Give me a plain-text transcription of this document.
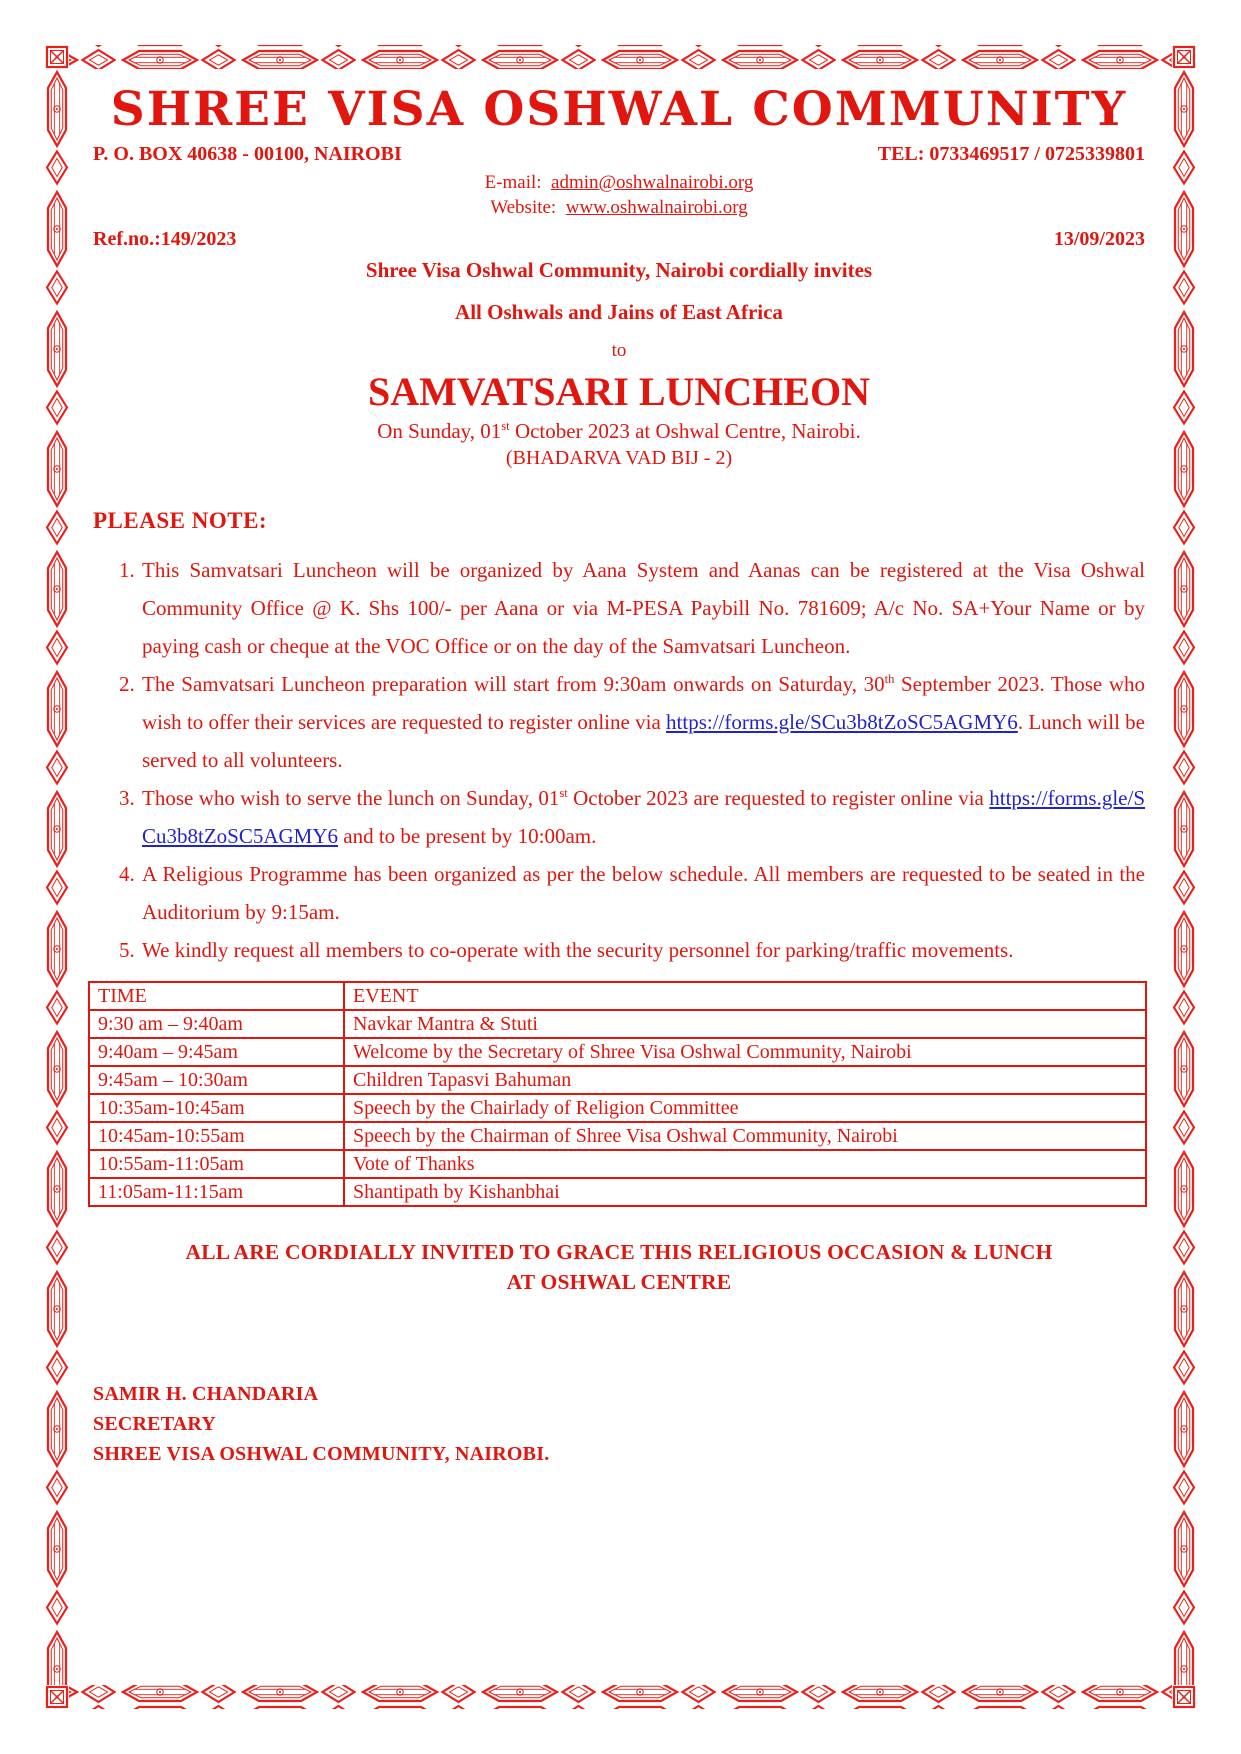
SHREE VISA OSHWAL COMMUNITY
P. O. BOX 40638 - 00100, NAIROBI	TEL: 0733469517 / 0725339801
E-mail: admin@oshwalnairobi.org
Website: www.oshwalnairobi.org
Ref.no.:149/2023	13/09/2023
Shree Visa Oshwal Community, Nairobi cordially invites
All Oshwals and Jains of East Africa
to
SAMVATSARI LUNCHEON
On Sunday, 01st October 2023 at Oshwal Centre, Nairobi.
(BHADARVA VAD BIJ - 2)
PLEASE NOTE:
1. This Samvatsari Luncheon will be organized by Aana System and Aanas can be registered at the Visa Oshwal Community Office @ K. Shs 100/- per Aana or via M-PESA Paybill No. 781609; A/c No. SA+Your Name or by paying cash or cheque at the VOC Office or on the day of the Samvatsari Luncheon.
2. The Samvatsari Luncheon preparation will start from 9:30am onwards on Saturday, 30th September 2023. Those who wish to offer their services are requested to register online via https://forms.gle/SCu3b8tZoSC5AGMY6. Lunch will be served to all volunteers.
3. Those who wish to serve the lunch on Sunday, 01st October 2023 are requested to register online via https://forms.gle/SCu3b8tZoSC5AGMY6 and to be present by 10:00am.
4. A Religious Programme has been organized as per the below schedule. All members are requested to be seated in the Auditorium by 9:15am.
5. We kindly request all members to co-operate with the security personnel for parking/traffic movements.
TIME	EVENT
9:30 am – 9:40am	Navkar Mantra & Stuti
9:40am – 9:45am	Welcome by the Secretary of Shree Visa Oshwal Community, Nairobi
9:45am – 10:30am	Children Tapasvi Bahuman
10:35am-10:45am	Speech by the Chairlady of Religion Committee
10:45am-10:55am	Speech by the Chairman of Shree Visa Oshwal Community, Nairobi
10:55am-11:05am	Vote of Thanks
11:05am-11:15am	Shantipath by Kishanbhai
ALL ARE CORDIALLY INVITED TO GRACE THIS RELIGIOUS OCCASION & LUNCH
AT OSHWAL CENTRE
SAMIR H. CHANDARIA
SECRETARY
SHREE VISA OSHWAL COMMUNITY, NAIROBI.
